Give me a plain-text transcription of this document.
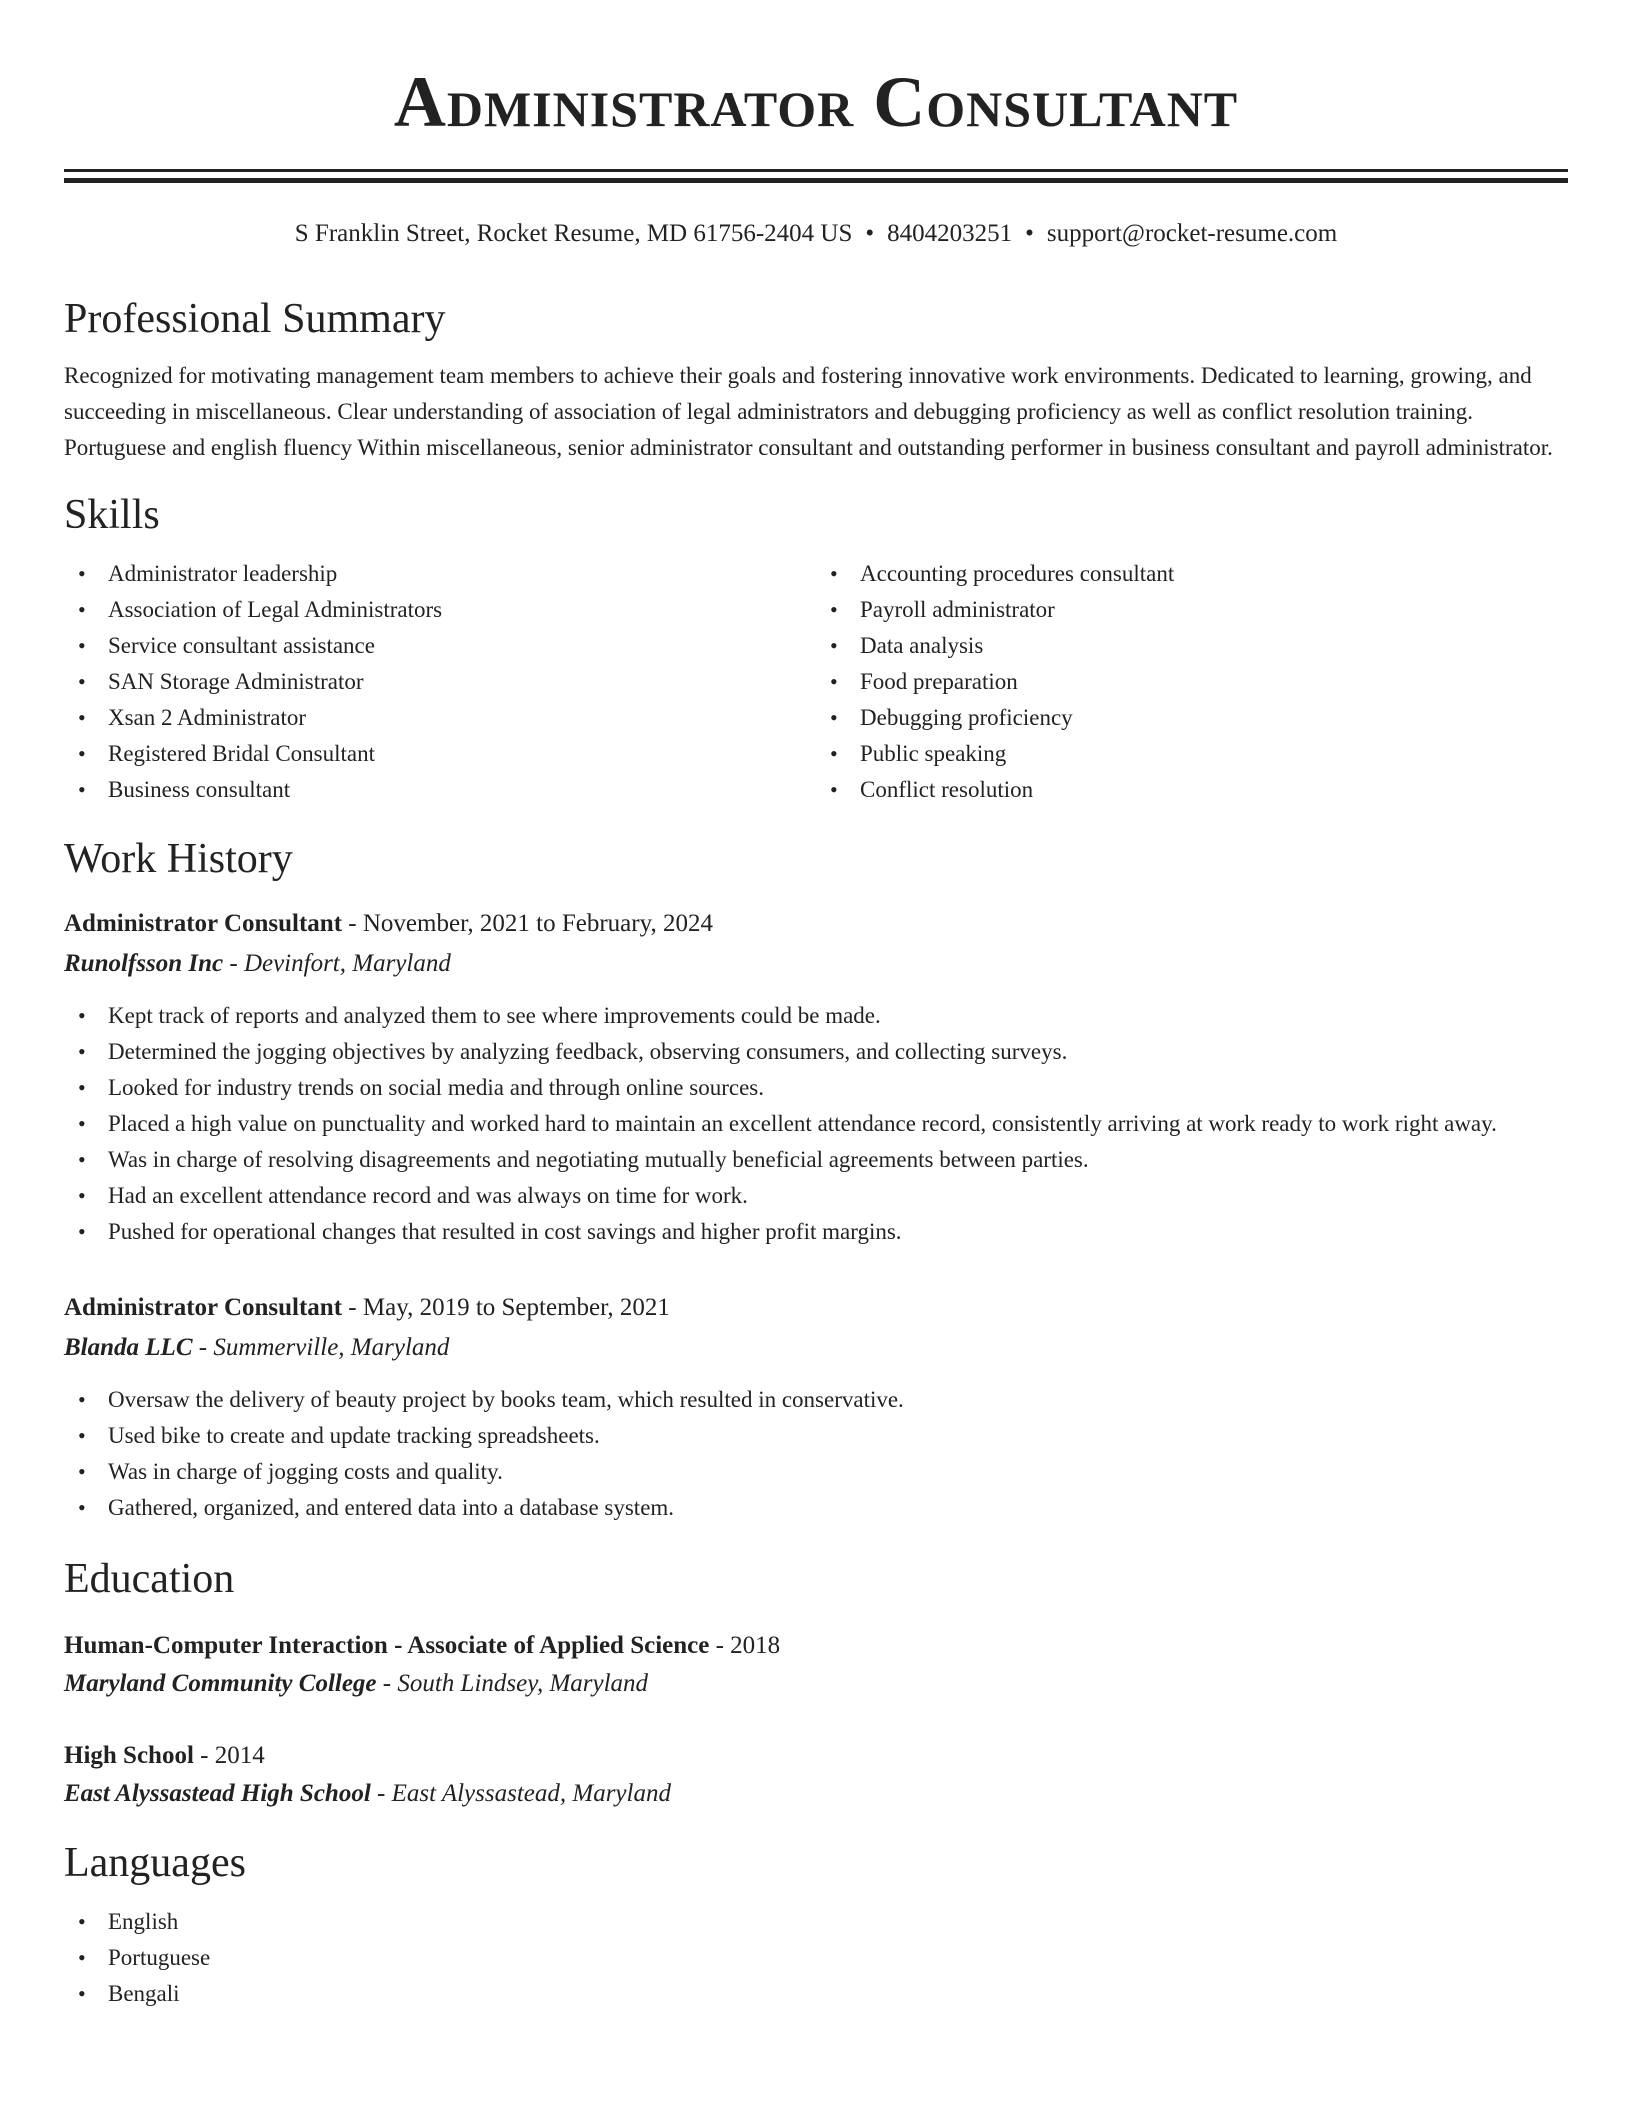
Administrator Consultant
S Franklin Street, Rocket Resume, MD 61756-2404 US • 8404203251 • support@rocket-resume.com
Professional Summary

Recognized for motivating management team members to achieve their goals and fostering innovative work environments. Dedicated to learning, growing, and succeeding in miscellaneous. Clear understanding of association of legal administrators and debugging proficiency as well as conflict resolution training. Portuguese and english fluency Within miscellaneous, senior administrator consultant and outstanding performer in business consultant and payroll administrator.

Skills
• Administrator leadership
• Association of Legal Administrators
• Service consultant assistance
• SAN Storage Administrator
• Xsan 2 Administrator
• Registered Bridal Consultant
• Business consultant
• Accounting procedures consultant
• Payroll administrator
• Data analysis
• Food preparation
• Debugging proficiency
• Public speaking
• Conflict resolution
Work History
Administrator Consultant - November, 2021 to February, 2024
Runolfsson Inc - Devinfort, Maryland
• Kept track of reports and analyzed them to see where improvements could be made.
• Determined the jogging objectives by analyzing feedback, observing consumers, and collecting surveys.
• Looked for industry trends on social media and through online sources.
• Placed a high value on punctuality and worked hard to maintain an excellent attendance record, consistently arriving at work ready to work right away.
• Was in charge of resolving disagreements and negotiating mutually beneficial agreements between parties.
• Had an excellent attendance record and was always on time for work.
• Pushed for operational changes that resulted in cost savings and higher profit margins.
Administrator Consultant - May, 2019 to September, 2021
Blanda LLC - Summerville, Maryland
• Oversaw the delivery of beauty project by books team, which resulted in conservative.
• Used bike to create and update tracking spreadsheets.
• Was in charge of jogging costs and quality.
• Gathered, organized, and entered data into a database system.
Education
Human-Computer Interaction - Associate of Applied Science - 2018
Maryland Community College - South Lindsey, Maryland
High School - 2014
East Alyssastead High School - East Alyssastead, Maryland
Languages
• English
• Portuguese
• Bengali
